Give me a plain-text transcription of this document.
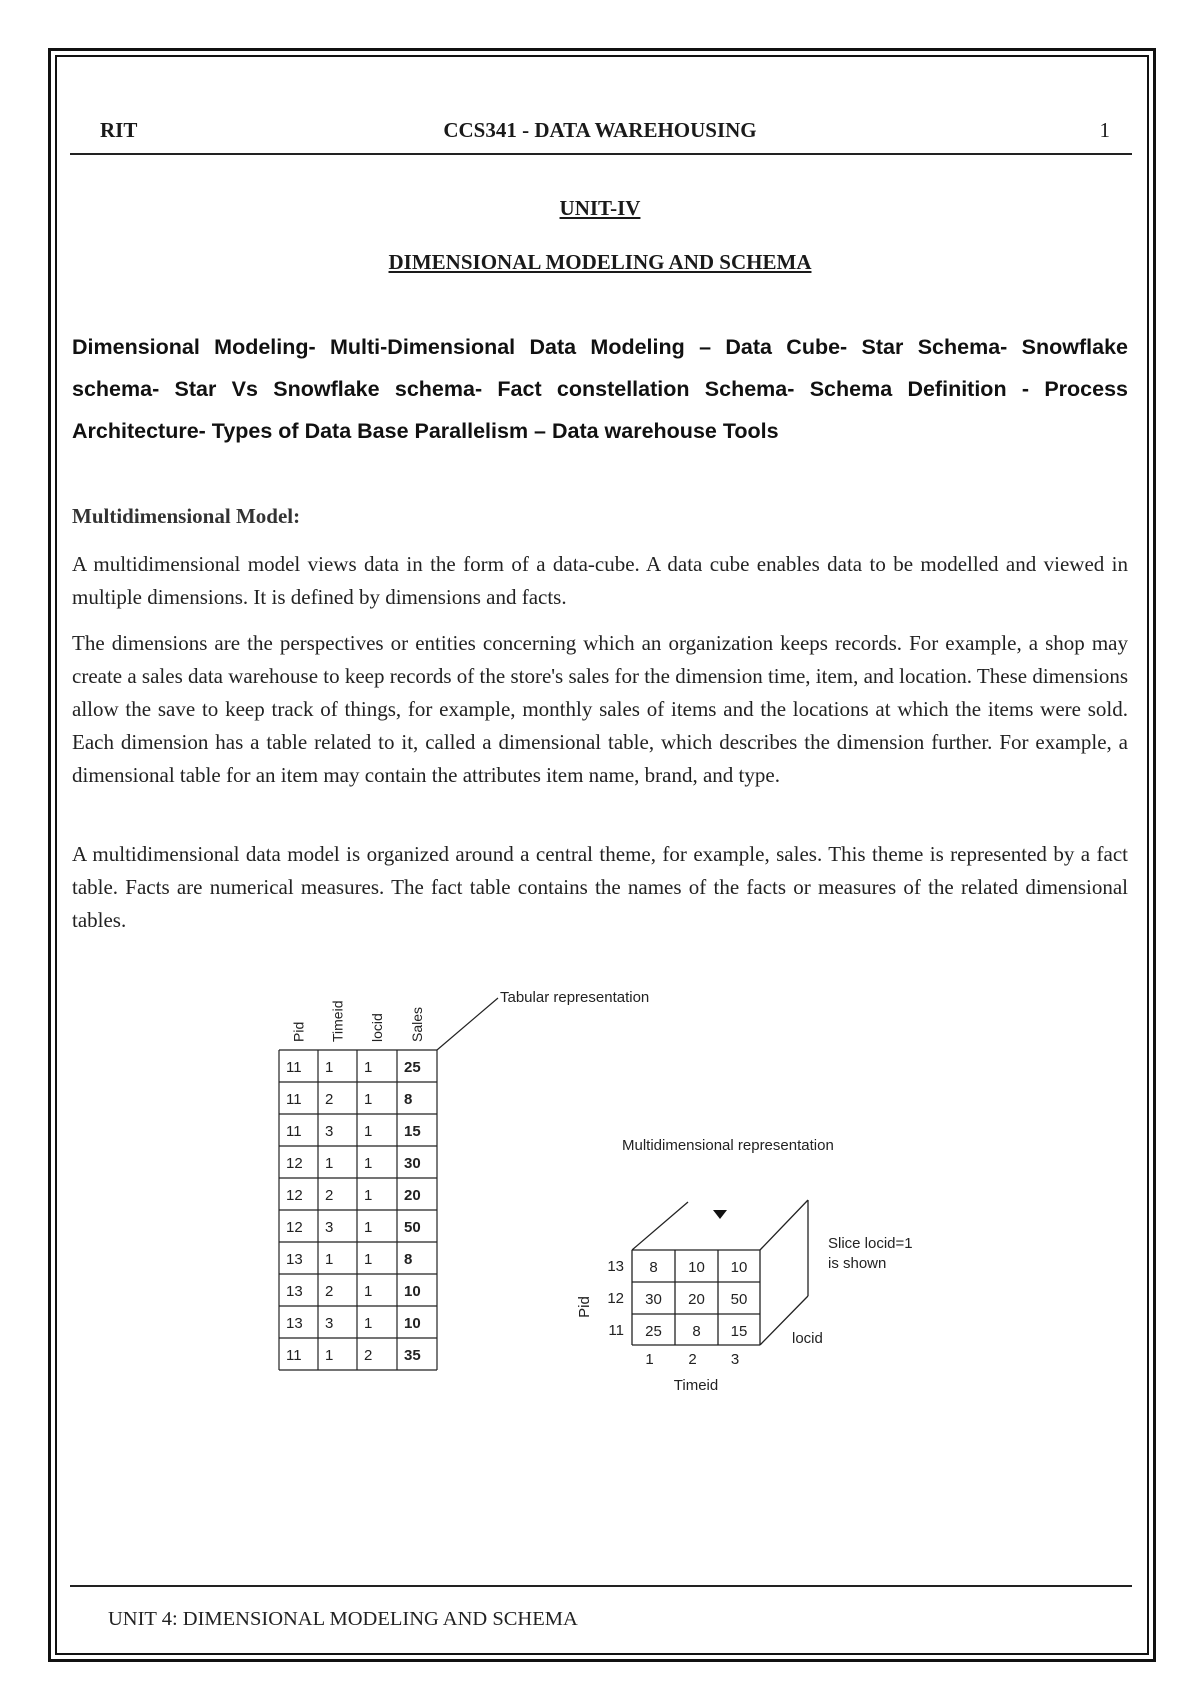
RIT	CCS341 - DATA WAREHOUSING	1
UNIT-IV
DIMENSIONAL MODELING AND SCHEMA
Dimensional Modeling- Multi-Dimensional Data Modeling – Data Cube- Star Schema- Snowflake schema- Star Vs Snowflake schema- Fact constellation Schema- Schema Definition - Process Architecture- Types of Data Base Parallelism – Data warehouse Tools
Multidimensional Model:
A multidimensional model views data in the form of a data-cube. A data cube enables data to be modelled and viewed in multiple dimensions. It is defined by dimensions and facts.
The dimensions are the perspectives or entities concerning which an organization keeps records. For example, a shop may create a sales data warehouse to keep records of the store's sales for the dimension time, item, and location. These dimensions allow the save to keep track of things, for example, monthly sales of items and the locations at which the items were sold. Each dimension has a table related to it, called a dimensional table, which describes the dimension further. For example, a dimensional table for an item may contain the attributes item name, brand, and type.
A multidimensional data model is organized around a central theme, for example, sales. This theme is represented by a fact table. Facts are numerical measures. The fact table contains the names of the facts or measures of the related dimensional tables.
Pid Timeid locid Sales
11 1 1 25
11 2 1 8
11 3 1 15
12 1 1 30
12 2 1 20
12 3 1 50
13 1 1 8
13 2 1 10
13 3 1 10
11 1 2 35
Tabular representation
Multidimensional representation
13 8 10 10
12 30 20 50
11 25 8 15
1 2 3
Pid
Timeid
locid
Slice locid=1
is shown
UNIT 4: DIMENSIONAL MODELING AND SCHEMA
